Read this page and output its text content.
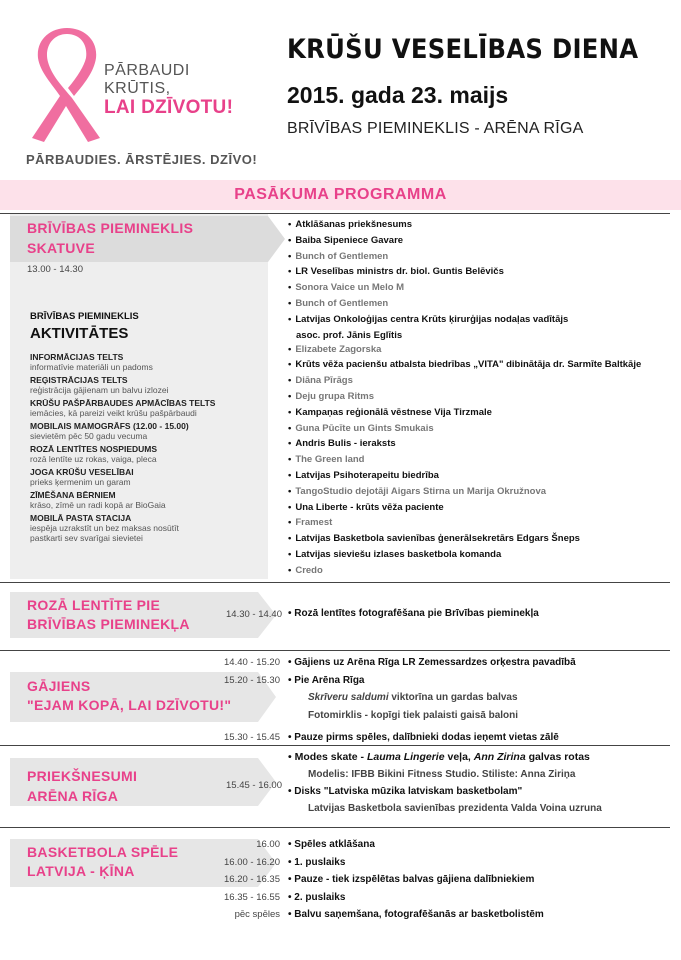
PĀRBAUDI
KRŪTIS,
LAI DZĪVOTU!
PĀRBAUDIES. ĀRSTĒJIES. DZĪVO!
KRŪŠU VESELĪBAS DIENA
2015. gada 23. maijs
BRĪVĪBAS PIEMINEKLIS - ARĒNA RĪGA
PASĀKUMA PROGRAMMA
BRĪVĪBAS PIEMINEKLIS
SKATUVE
13.00 - 14.30
BRĪVĪBAS PIEMINEKLIS
AKTIVITĀTES
INFORMĀCIJAS TELTS
informatīvie materiāli un padoms
REĢISTRĀCIJAS TELTS
reģistrācija gājienam un balvu izlozei
KRŪŠU PAŠPĀRBAUDES APMĀCĪBAS TELTS
iemācies, kā pareizi veikt krūšu pašpārbaudi
MOBILAIS MAMOGRĀFS (12.00 - 15.00)
sievietēm pēc 50 gadu vecuma
ROZĀ LENTĪTES NOSPIEDUMS
rozā lentīte uz rokas, vaiga, pleca
JOGA KRŪŠU VESELĪBAI
prieks ķermenim un garam
ZĪMĒŠANA BĒRNIEM
krāso, zīmē un radi kopā ar BioGaia
MOBILĀ PASTA STACIJA
iespēja uzrakstīt un bez maksas nosūtīt
pastkarti sev svarīgai sievietei
• Atklāšanas priekšnesums
• Baiba Sipeniece Gavare
• Bunch of Gentlemen
• LR Veselības ministrs dr. biol. Guntis Belēvičs
• Sonora Vaice un Melo M
• Bunch of Gentlemen
• Latvijas Onkoloģijas centra Krūts ķirurģijas nodaļas vadītājs
asoc. prof. Jānis Eglītis
• Elizabete Zagorska
• Krūts vēža pacienšu atbalsta biedrības „VITA" dibinātāja dr. Sarmīte Baltkāje
• Diāna Pīrāgs
• Deju grupa Ritms
• Kampaņas reģionālā vēstnese Vija Tirzmale
• Guna Pūcīte un Gints Smukais
• Andris Bulis - ieraksts
• The Green land
• Latvijas Psihoterapeitu biedrība
• TangoStudio dejotāji Aigars Stirna un Marija Okružnova
• Una Liberte - krūts vēža paciente
• Framest
• Latvijas Basketbola savienības ģenerālsekretārs Edgars Šneps
• Latvijas sieviešu izlases basketbola komanda
• Credo
ROZĀ LENTĪTE PIE
BRĪVĪBAS PIEMINEKĻA
14.30 - 14.40 • Rozā lentītes fotografēšana pie Brīvības pieminekļa
GĀJIENS
"EJAM KOPĀ, LAI DZĪVOTU!"
14.40 - 15.20 • Gājiens uz Arēna Rīga LR Zemessardzes orķestra pavadībā
15.20 - 15.30 • Pie Arēna Rīga
Skrīveru saldumi viktorīna un gardas balvas
Fotomirklis - kopīgi tiek palaisti gaisā baloni
15.30 - 15.45 • Pauze pirms spēles, dalībnieki dodas ieņemt vietas zālē
PRIEKŠNESUMI
ARĒNA RĪGA
15.45 - 16.00
• Modes skate - Lauma Lingerie veļa, Ann Zirina galvas rotas
Modelis: IFBB Bikini Fitness Studio. Stiliste: Anna Ziriņa
• Disks "Latviska mūzika latviskam basketbolam"
Latvijas Basketbola savienības prezidenta Valda Voina uzruna
BASKETBOLA SPĒLE
LATVIJA - ĶĪNA
16.00 • Spēles atklāšana
16.00 - 16.20 • 1. puslaiks
16.20 - 16.35 • Pauze - tiek izspēlētas balvas gājiena dalībniekiem
16.35 - 16.55 • 2. puslaiks
pēc spēles • Balvu saņemšana, fotografēšanās ar basketbolistēm
